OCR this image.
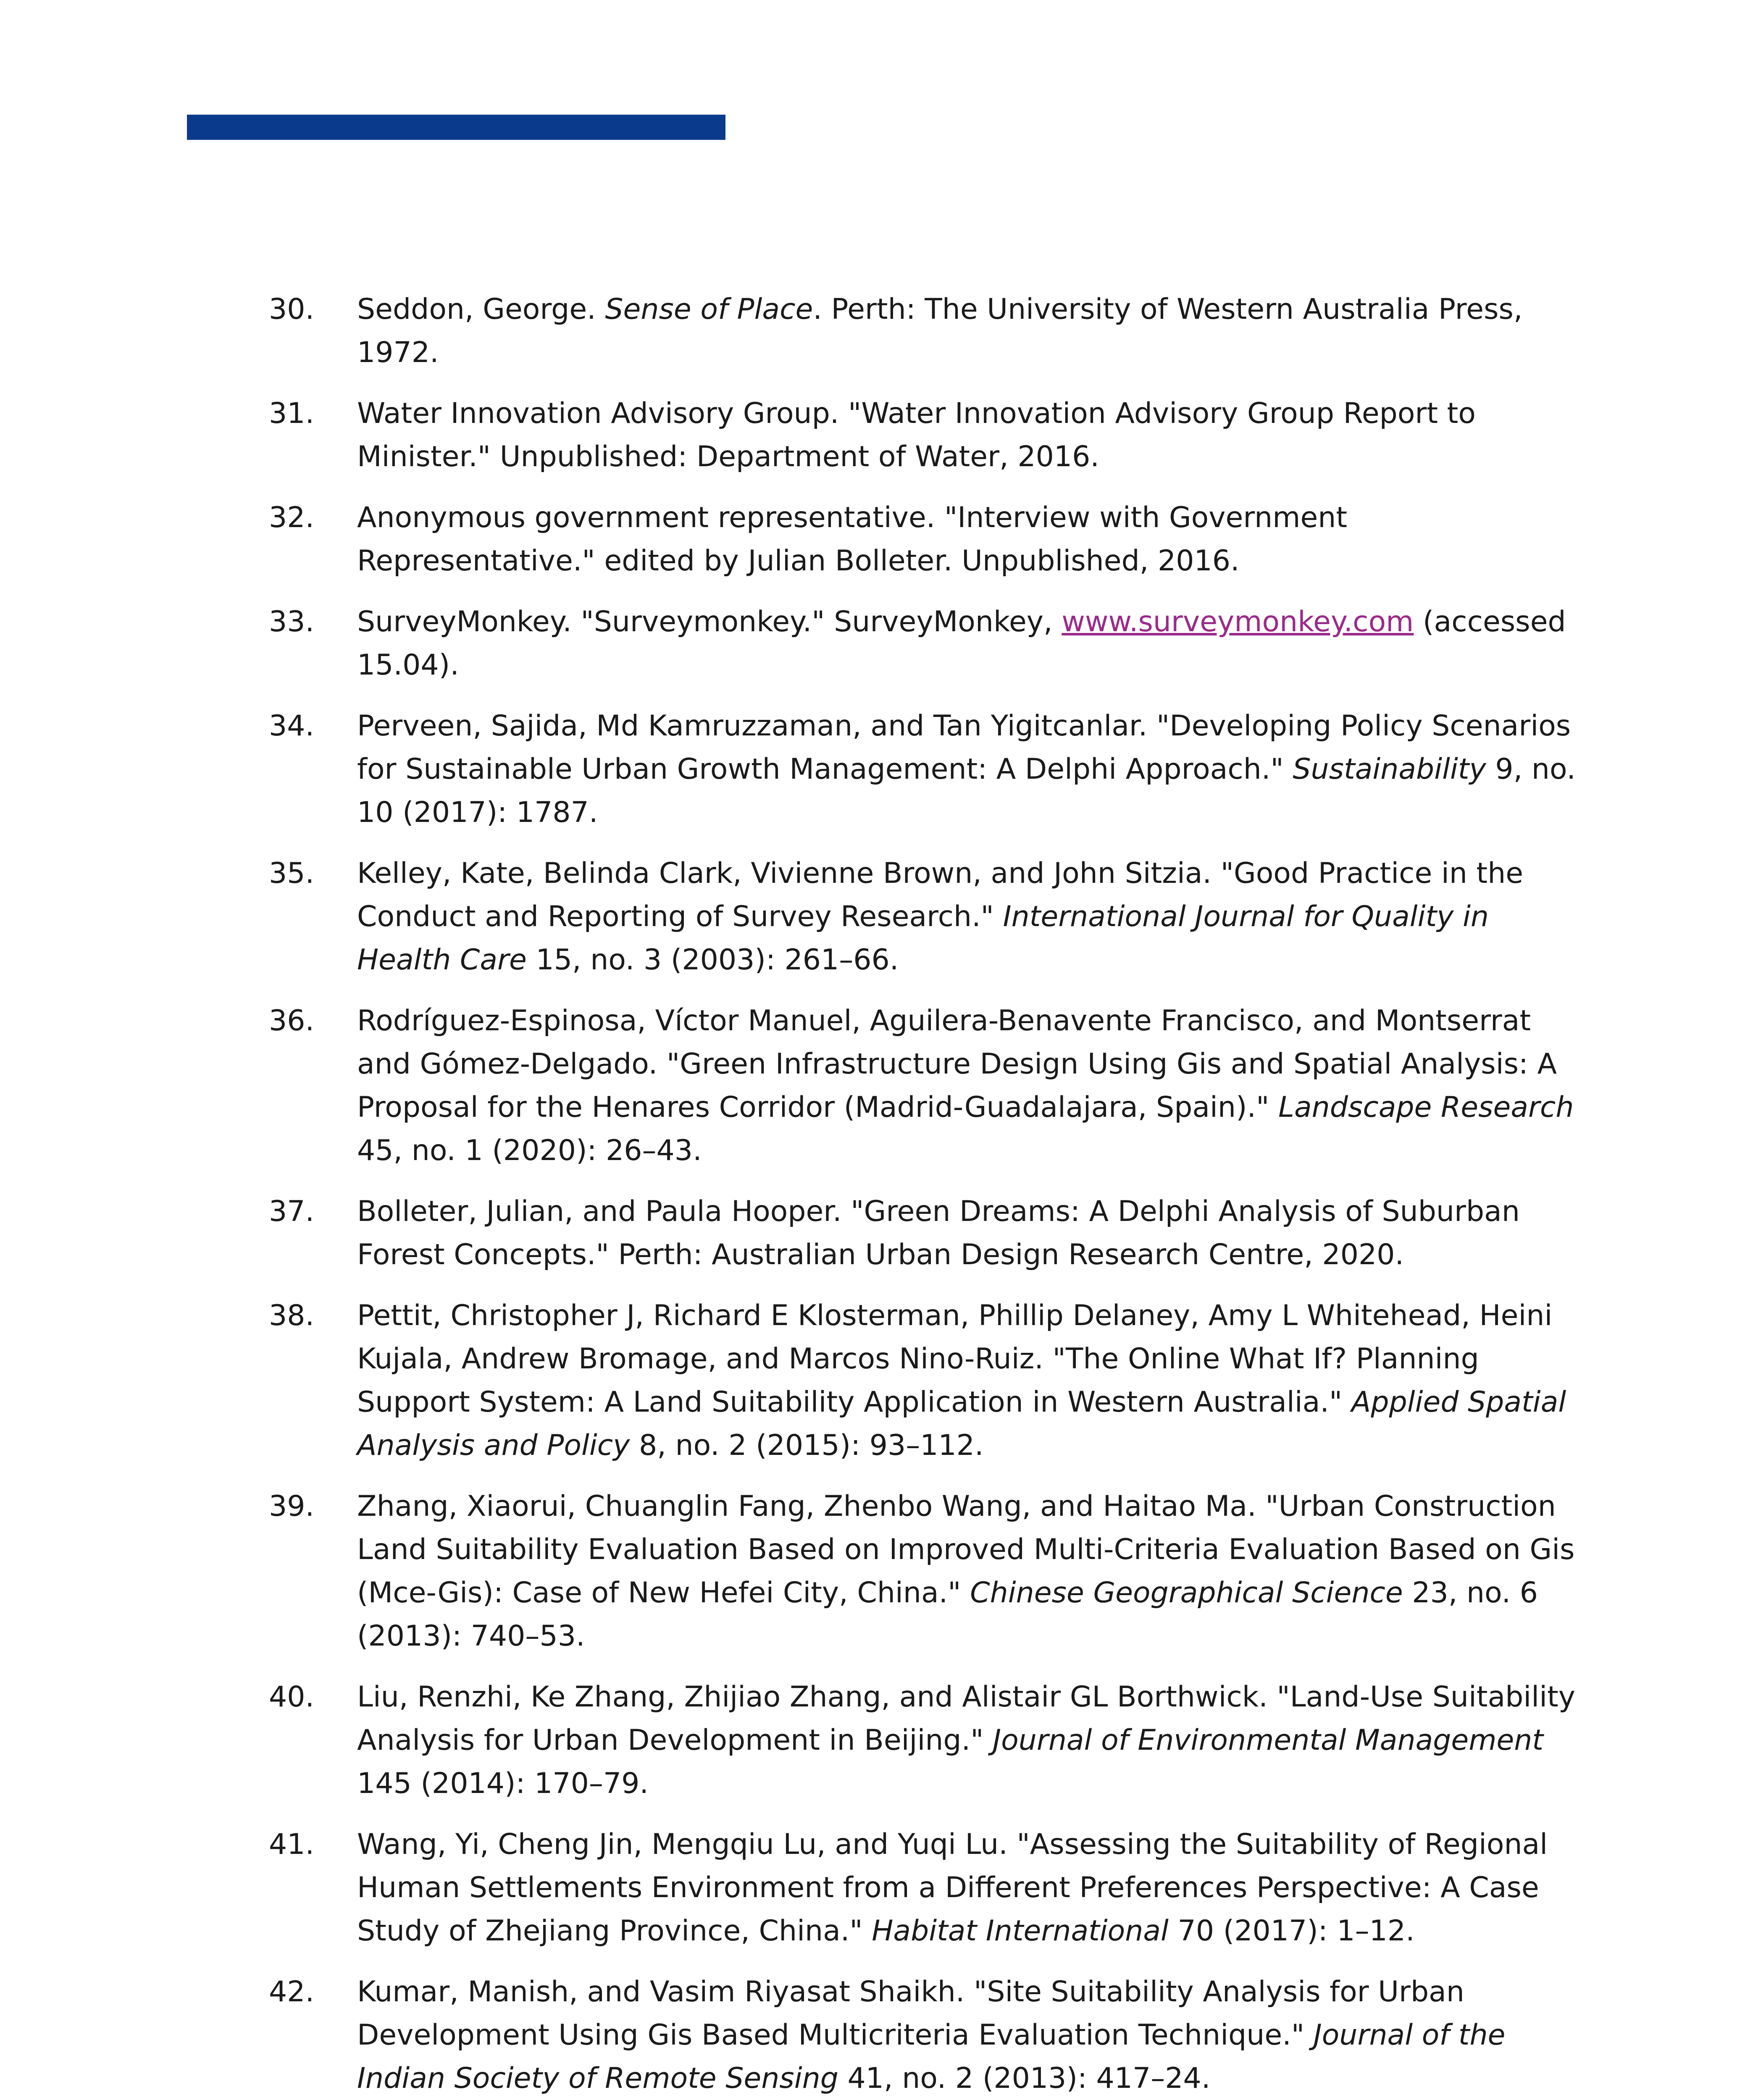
30. Seddon, George. Sense of Place. Perth: The University of Western Australia Press, 1972.
31. Water Innovation Advisory Group. "Water Innovation Advisory Group Report to Minister." Unpublished: Department of Water, 2016.
32. Anonymous government representative. "Interview with Government Representative." edited by Julian Bolleter. Unpublished, 2016.
33. SurveyMonkey. "Surveymonkey." SurveyMonkey, www.surveymonkey.com (accessed 15.04).
34. Perveen, Sajida, Md Kamruzzaman, and Tan Yigitcanlar. "Developing Policy Scenarios for Sustainable Urban Growth Management: A Delphi Approach." Sustainability 9, no. 10 (2017): 1787.
35. Kelley, Kate, Belinda Clark, Vivienne Brown, and John Sitzia. "Good Practice in the Conduct and Reporting of Survey Research." International Journal for Quality in Health Care 15, no. 3 (2003): 261–66.
36. Rodríguez-Espinosa, Víctor Manuel, Aguilera-Benavente Francisco, and Montserrat and Gómez-Delgado. "Green Infrastructure Design Using Gis and Spatial Analysis: A Proposal for the Henares Corridor (Madrid-Guadalajara, Spain)." Landscape Research 45, no. 1 (2020): 26–43.
37. Bolleter, Julian, and Paula Hooper. "Green Dreams: A Delphi Analysis of Suburban Forest Concepts." Perth: Australian Urban Design Research Centre, 2020.
38. Pettit, Christopher J, Richard E Klosterman, Phillip Delaney, Amy L Whitehead, Heini Kujala, Andrew Bromage, and Marcos Nino-Ruiz. "The Online What If? Planning Support System: A Land Suitability Application in Western Australia." Applied Spatial Analysis and Policy 8, no. 2 (2015): 93–112.
39. Zhang, Xiaorui, Chuanglin Fang, Zhenbo Wang, and Haitao Ma. "Urban Construction Land Suitability Evaluation Based on Improved Multi-Criteria Evaluation Based on Gis (Mce-Gis): Case of New Hefei City, China." Chinese Geographical Science 23, no. 6 (2013): 740–53.
40. Liu, Renzhi, Ke Zhang, Zhijiao Zhang, and Alistair GL Borthwick. "Land-Use Suitability Analysis for Urban Development in Beijing." Journal of Environmental Management 145 (2014): 170–79.
41. Wang, Yi, Cheng Jin, Mengqiu Lu, and Yuqi Lu. "Assessing the Suitability of Regional Human Settlements Environment from a Different Preferences Perspective: A Case Study of Zhejiang Province, China." Habitat International 70 (2017): 1–12.
42. Kumar, Manish, and Vasim Riyasat Shaikh. "Site Suitability Analysis for Urban Development Using Gis Based Multicriteria Evaluation Technique." Journal of the Indian Society of Remote Sensing 41, no. 2 (2013): 417–24.
